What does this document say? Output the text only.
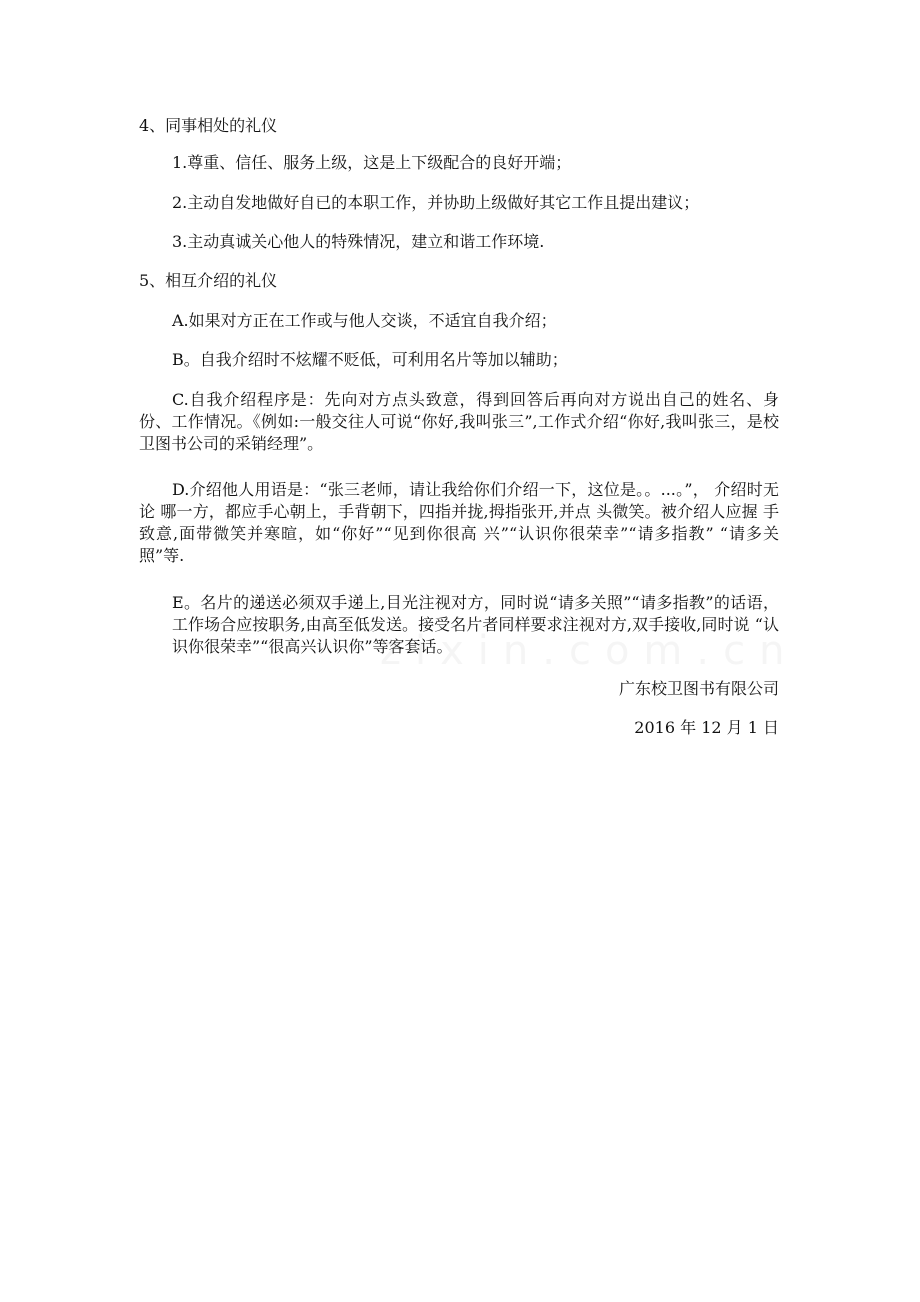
4、同事相处的礼仪
1.尊重、信任、服务上级，这是上下级配合的良好开端；
2.主动自发地做好自已的本职工作，并协助上级做好其它工作且提出建议；
3.主动真诚关心他人的特殊情况，建立和谐工作环境.
5、相互介绍的礼仪
A.如果对方正在工作或与他人交谈，不适宜自我介绍；
B。自我介绍时不炫耀不贬低，可利用名片等加以辅助；
C.自我介绍程序是：先向对方点头致意，得到回答后再向对方说出自己的姓名、身份、工作情况。《例如:一般交往人可说“你好,我叫张三”,工作式介绍“你好,我叫张三，是校卫图书公司的采销经理”。
D.介绍他人用语是：“张三老师，请让我给你们介绍一下，这位是。。...。”， 介绍时无论 哪一方，都应手心朝上，手背朝下，四指并拢,拇指张开,并点 头微笑。被介绍人应握 手致意,面带微笑并寒暄，如“你好”“见到你很高 兴”“认识你很荣幸”“请多指教” “请多关照”等.
E。名片的递送必须双手递上,目光注视对方，同时说“请多关照”“请多指教”的话语， 工作场合应按职务,由高至低发送。接受名片者同样要求注视对方,双手接收,同时说 “认识你很荣幸”“很高兴认识你”等客套话。
zixin.com.cn
广东校卫图书有限公司
2016 年 12 月 1 日
